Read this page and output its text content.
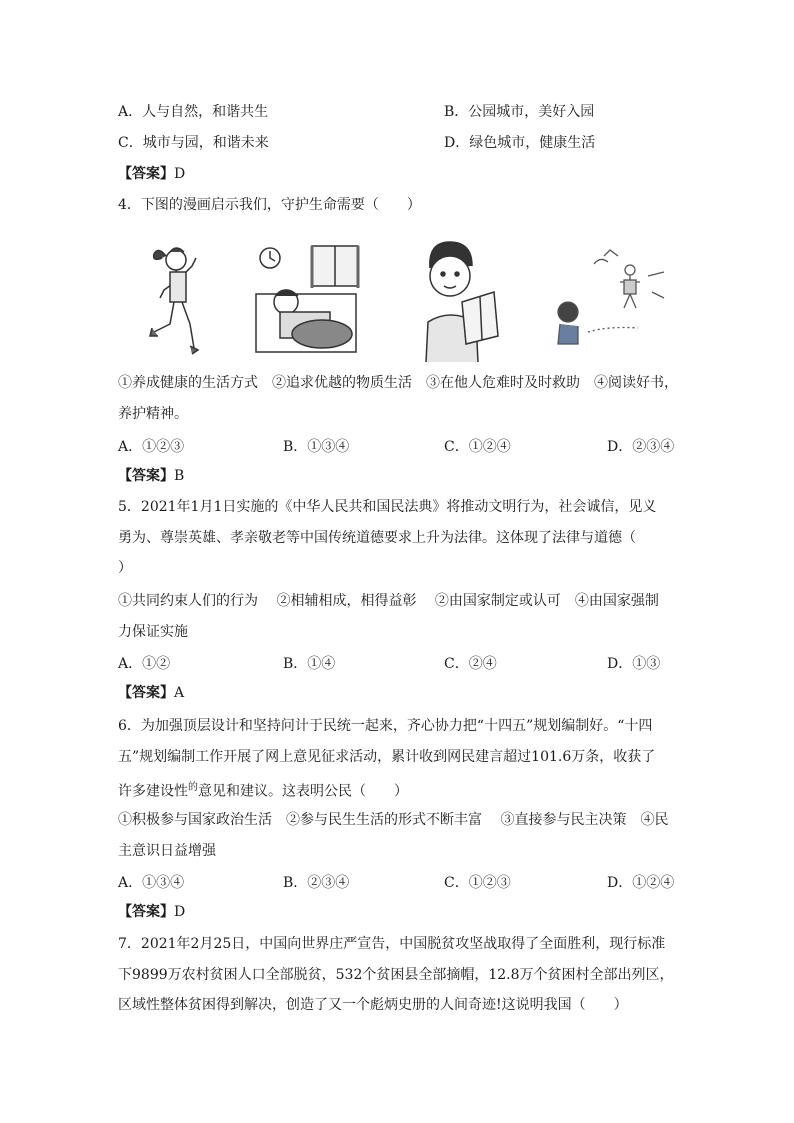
A．人与自然，和谐共生	B．公园城市，美好入园
C．城市与园，和谐未来	D．绿色城市，健康生活
【答案】D
4．下图的漫画启示我们，守护生命需要（　　）
①养成健康的生活方式　②追求优越的物质生活　③在他人危难时及时救助　④阅读好书，
养护精神。
A．①②③	B．①③④	C．①②④	D．②③④
【答案】B
5．2021年1月1日实施的《中华人民共和国民法典》将推动文明行为，社会诚信，见义
勇为、尊崇英雄、孝亲敬老等中国传统道德要求上升为法律。这体现了法律与道德（
）
①共同约束人们的行为　 ②相辅相成，相得益彰　 ②由国家制定或认可　④由国家强制
力保证实施
A．①②	B．①④	C．②④	D．①③
【答案】A
6．为加强顶层设计和坚持问计于民统一起来，齐心协力把“十四五”规划编制好。“十四
五”规划编制工作开展了网上意见征求活动，累计收到网民建言超过101.6万条，收获了
许多建设性$^的$意见和建议。这表明公民（　　）
①积极参与国家政治生活　②参与民生生活的形式不断丰富　 ③直接参与民主决策　④民
主意识日益增强
A．①③④	B．②③④	C．①②③	D．①②④
【答案】D
7．2021年2月25日，中国向世界庄严宣告，中国脱贫攻坚战取得了全面胜利，现行标准
下9899万农村贫困人口全部脱贫，532个贫困县全部摘帽，12.8万个贫困村全部出列区，
区域性整体贫困得到解决，创造了又一个彪炳史册的人间奇迹!这说明我国（　　）
